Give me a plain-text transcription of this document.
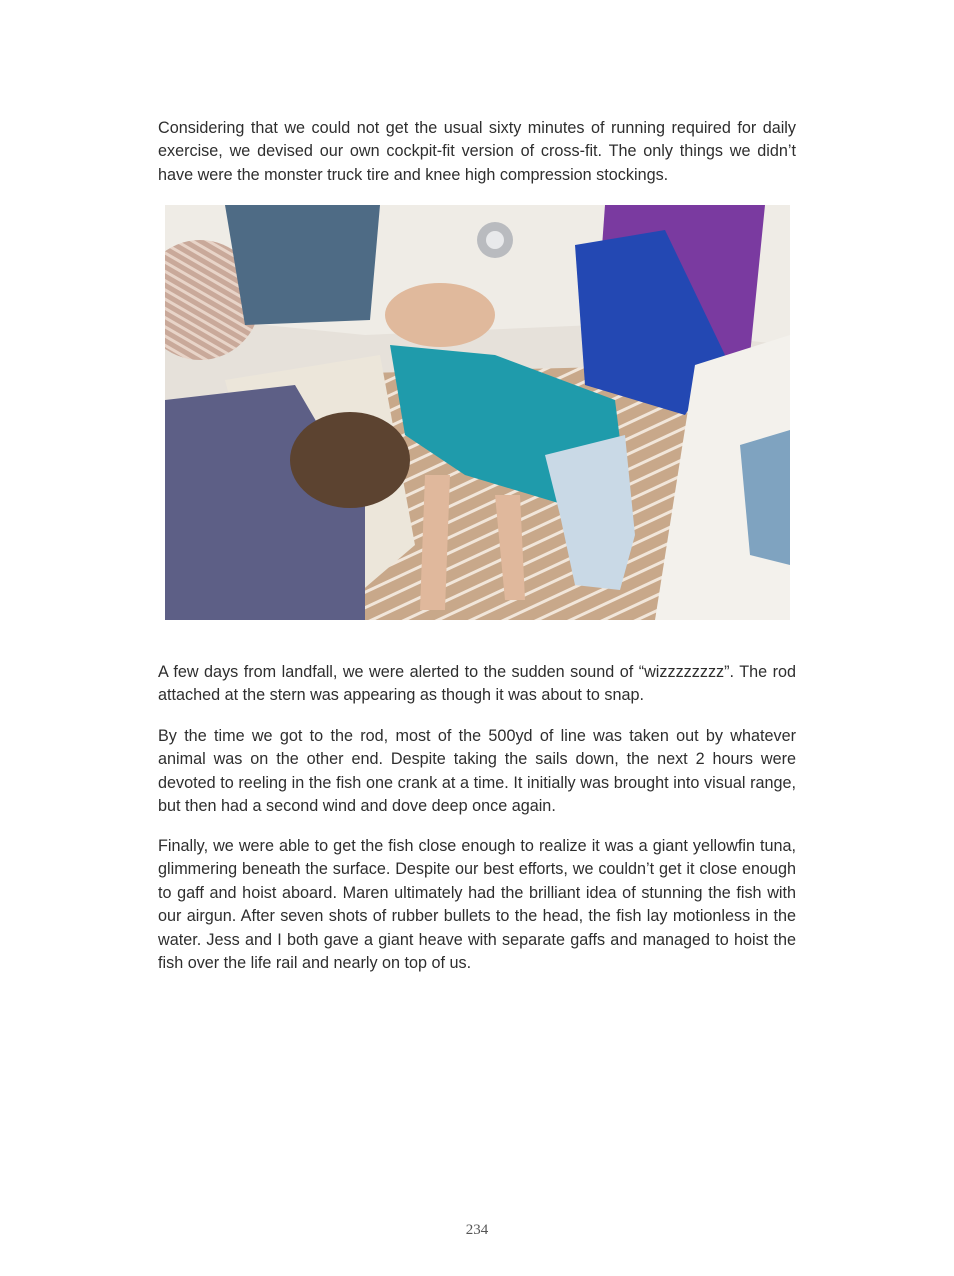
Considering that we could not get the usual sixty minutes of running required for daily exercise, we devised our own cockpit-fit version of cross-fit. The only things we didn’t have were the monster truck tire and knee high compression stockings.

A few days from landfall, we were alerted to the sudden sound of “wizzzzzzzz”. The rod attached at the stern was appearing as though it was about to snap.

By the time we got to the rod, most of the 500yd of line was taken out by whatever animal was on the other end. Despite taking the sails down, the next 2 hours were devoted to reeling in the fish one crank at a time. It initially was brought into visual range, but then had a second wind and dove deep once again.

Finally, we were able to get the fish close enough to realize it was a giant yellowfin tuna, glimmering beneath the surface. Despite our best efforts, we couldn’t get it close enough to gaff and hoist aboard. Maren ultimately had the brilliant idea of stunning the fish with our airgun. After seven shots of rubber bullets to the head, the fish lay motionless in the water. Jess and I both gave a giant heave with separate gaffs and managed to hoist the fish over the life rail and nearly on top of us.

234
